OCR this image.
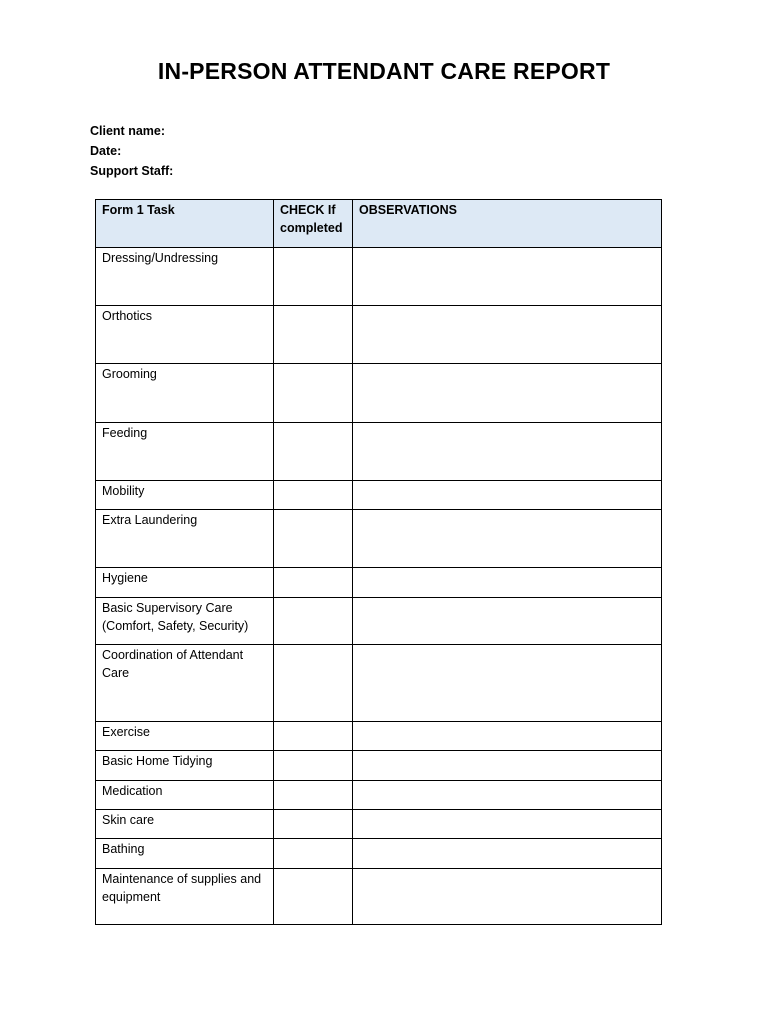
IN-PERSON ATTENDANT CARE REPORT
Client name:
Date:
Support Staff:
Form 1 Task	CHECK If completed	OBSERVATIONS
Dressing/Undressing		
Orthotics		
Grooming		
Feeding		
Mobility		
Extra Laundering		
Hygiene		
Basic Supervisory Care (Comfort, Safety, Security)		
Coordination of Attendant Care		
Exercise		
Basic Home Tidying		
Medication		
Skin care		
Bathing		
Maintenance of supplies and equipment		
